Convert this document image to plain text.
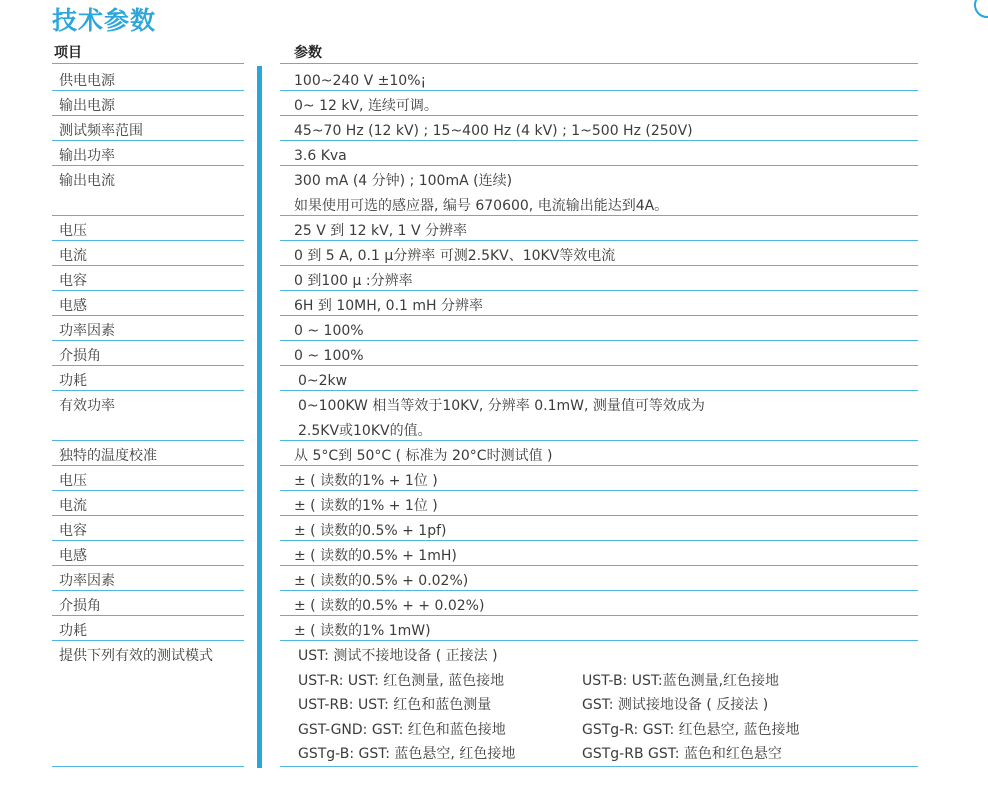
技术参数
项目	参数
供电电源	100~240 V ±10%¡
输出电源	0~ 12 kV, 连续可调。
测试频率范围	45~70 Hz (12 kV) ; 15~400 Hz (4 kV) ; 1~500 Hz (250V)
输出功率	3.6 Kva
输出电流	300 mA (4 分钟) ; 100mA (连续)
如果使用可选的感应器, 编号 670600, 电流输出能达到4A。
电压	25 V 到 12 kV, 1 V 分辨率
电流	0 到 5 A, 0.1 μ分辨率 可测2.5KV、10KV等效电流
电容	0 到100 μ :分辨率
电感	6H 到 10MH, 0.1 mH 分辨率
功率因素	0 ~ 100%
介损角	0 ~ 100%
功耗	0~2kw
有效功率	0~100KW 相当等效于10KV, 分辨率 0.1mW, 测量值可等效成为
2.5KV或10KV的值。
独特的温度校准	从 5°C到 50°C ( 标准为 20°C时测试值 )
电压	± ( 读数的1% + 1位 )
电流	± ( 读数的1% + 1位 )
电容	± ( 读数的0.5% + 1pf)
电感	± ( 读数的0.5% + 1mH)
功率因素	± ( 读数的0.5% + 0.02%)
介损角	± ( 读数的0.5% + + 0.02%)
功耗	± ( 读数的1% 1mW)
提供下列有效的测试模式	UST: 测试不接地设备 ( 正接法 )
UST-R: UST: 红色测量, 蓝色接地	UST-B: UST:蓝色测量,红色接地
UST-RB: UST: 红色和蓝色测量	GST: 测试接地设备 ( 反接法 )
GST-GND: GST: 红色和蓝色接地	GSTg-R: GST: 红色悬空, 蓝色接地
GSTg-B: GST: 蓝色悬空, 红色接地	GSTg-RB GST: 蓝色和红色悬空
